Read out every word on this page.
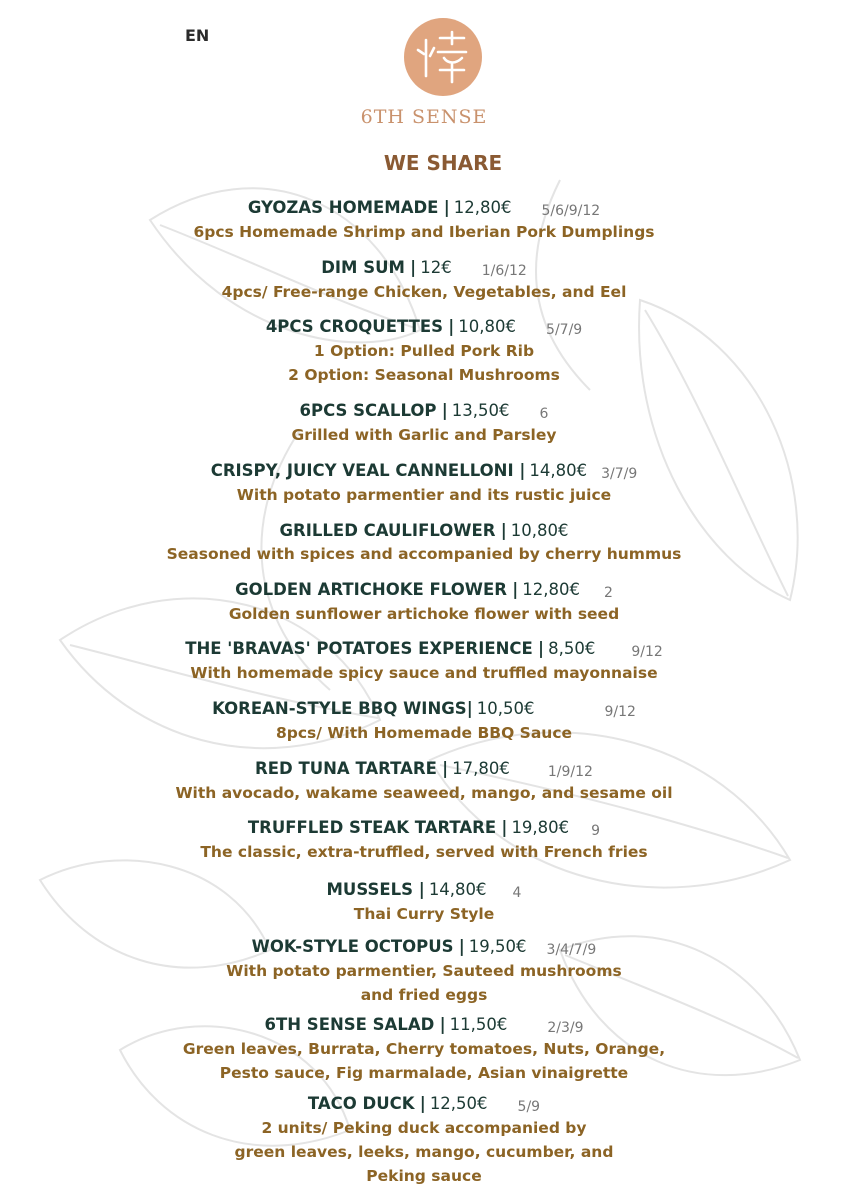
EN
6TH SENSE
WE SHARE
GYOZAS HOMEMADE | 12,80€ 5/6/9/12
6pcs Homemade Shrimp and Iberian Pork Dumplings
DIM SUM | 12€ 1/6/12
4pcs/ Free-range Chicken, Vegetables, and Eel
4PCS CROQUETTES | 10,80€ 5/7/9
1 Option: Pulled Pork Rib
2 Option: Seasonal Mushrooms
6PCS SCALLOP | 13,50€ 6
Grilled with Garlic and Parsley
CRISPY, JUICY VEAL CANNELLONI | 14,80€ 3/7/9
With potato parmentier and its rustic juice
GRILLED CAULIFLOWER | 10,80€
Seasoned with spices and accompanied by cherry hummus
GOLDEN ARTICHOKE FLOWER | 12,80€ 2
Golden sunflower artichoke flower with seed
THE 'BRAVAS' POTATOES EXPERIENCE | 8,50€	9/12
With homemade spicy sauce and truffled mayonnaise
KOREAN-STYLE BBQ WINGS| 10,50€	9/12
8pcs/ With Homemade BBQ Sauce
RED TUNA TARTARE | 17,80€	1/9/12
With avocado, wakame seaweed, mango, and sesame oil
TRUFFLED STEAK TARTARE | 19,80€ 9
The classic, extra-truffled, served with French fries
MUSSELS | 14,80€ 4
Thai Curry Style
WOK-STYLE OCTOPUS | 19,50€ 3/4/7/9
With potato parmentier, Sauteed mushrooms
and fried eggs
6TH SENSE SALAD | 11,50€	2/3/9
Green leaves, Burrata, Cherry tomatoes, Nuts, Orange,
Pesto sauce, Fig marmalade, Asian vinaigrette
TACO DUCK | 12,50€ 5/9
2 units/ Peking duck accompanied by
green leaves, leeks, mango, cucumber, and
Peking sauce
